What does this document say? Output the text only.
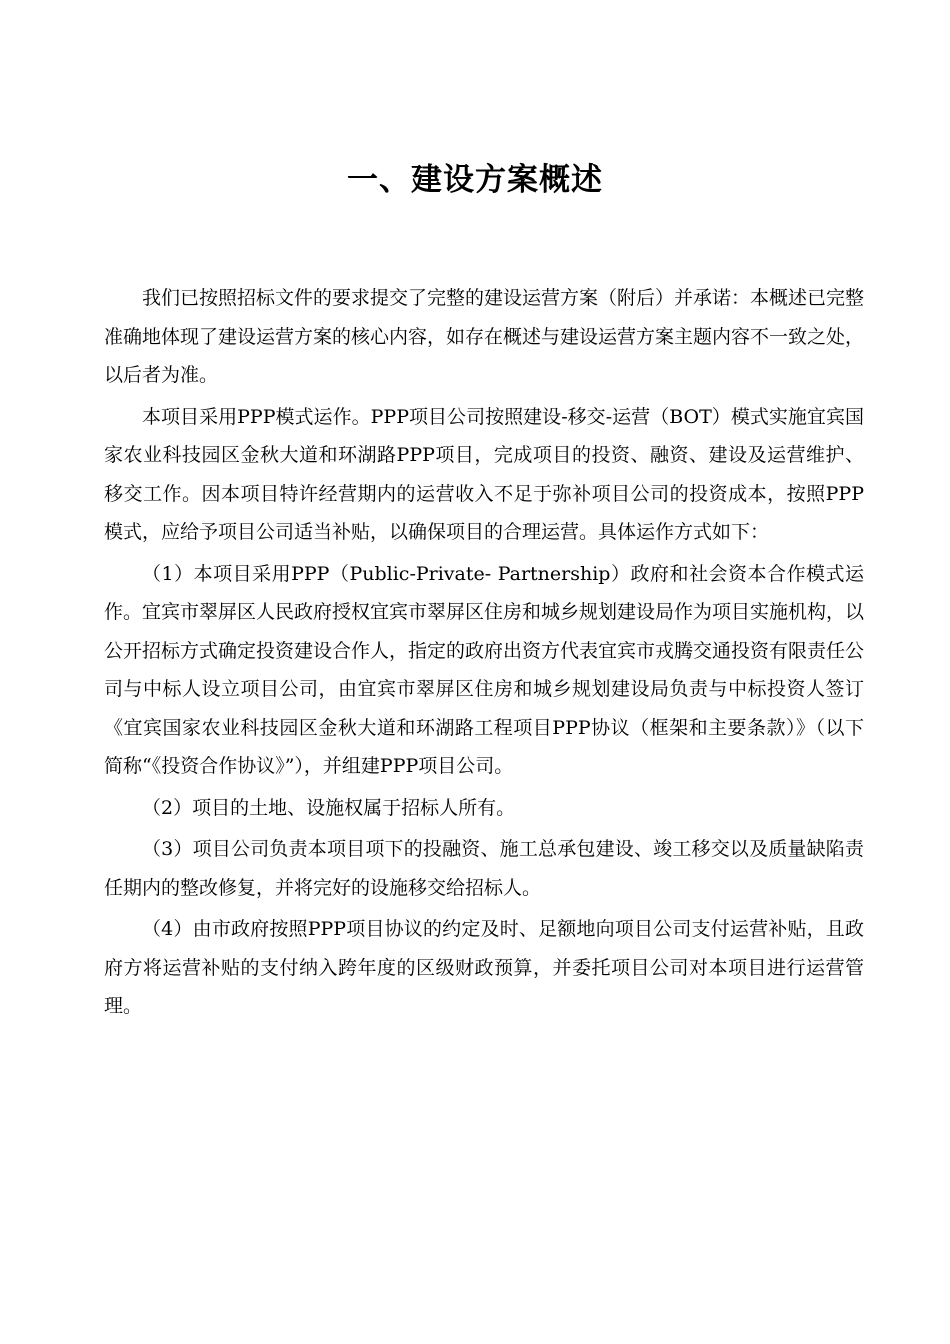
一、建设方案概述

我们已按照招标文件的要求提交了完整的建设运营方案（附后）并承诺：本概述已完整准确地体现了建设运营方案的核心内容，如存在概述与建设运营方案主题内容不一致之处，以后者为准。

本项目采用PPP模式运作。PPP项目公司按照建设-移交-运营（BOT）模式实施宜宾国家农业科技园区金秋大道和环湖路PPP项目，完成项目的投资、融资、建设及运营维护、移交工作。因本项目特许经营期内的运营收入不足于弥补项目公司的投资成本，按照PPP模式，应给予项目公司适当补贴，以确保项目的合理运营。具体运作方式如下：

（1）本项目采用PPP（Public-Private- Partnership）政府和社会资本合作模式运作。宜宾市翠屏区人民政府授权宜宾市翠屏区住房和城乡规划建设局作为项目实施机构，以公开招标方式确定投资建设合作人，指定的政府出资方代表宜宾市戎腾交通投资有限责任公司与中标人设立项目公司，由宜宾市翠屏区住房和城乡规划建设局负责与中标投资人签订《宜宾国家农业科技园区金秋大道和环湖路工程项目PPP协议（框架和主要条款）》（以下简称“《投资合作协议》”），并组建PPP项目公司。

（2）项目的土地、设施权属于招标人所有。

（3）项目公司负责本项目项下的投融资、施工总承包建设、竣工移交以及质量缺陷责任期内的整改修复，并将完好的设施移交给招标人。

（4）由市政府按照PPP项目协议的约定及时、足额地向项目公司支付运营补贴，且政府方将运营补贴的支付纳入跨年度的区级财政预算，并委托项目公司对本项目进行运营管理。
